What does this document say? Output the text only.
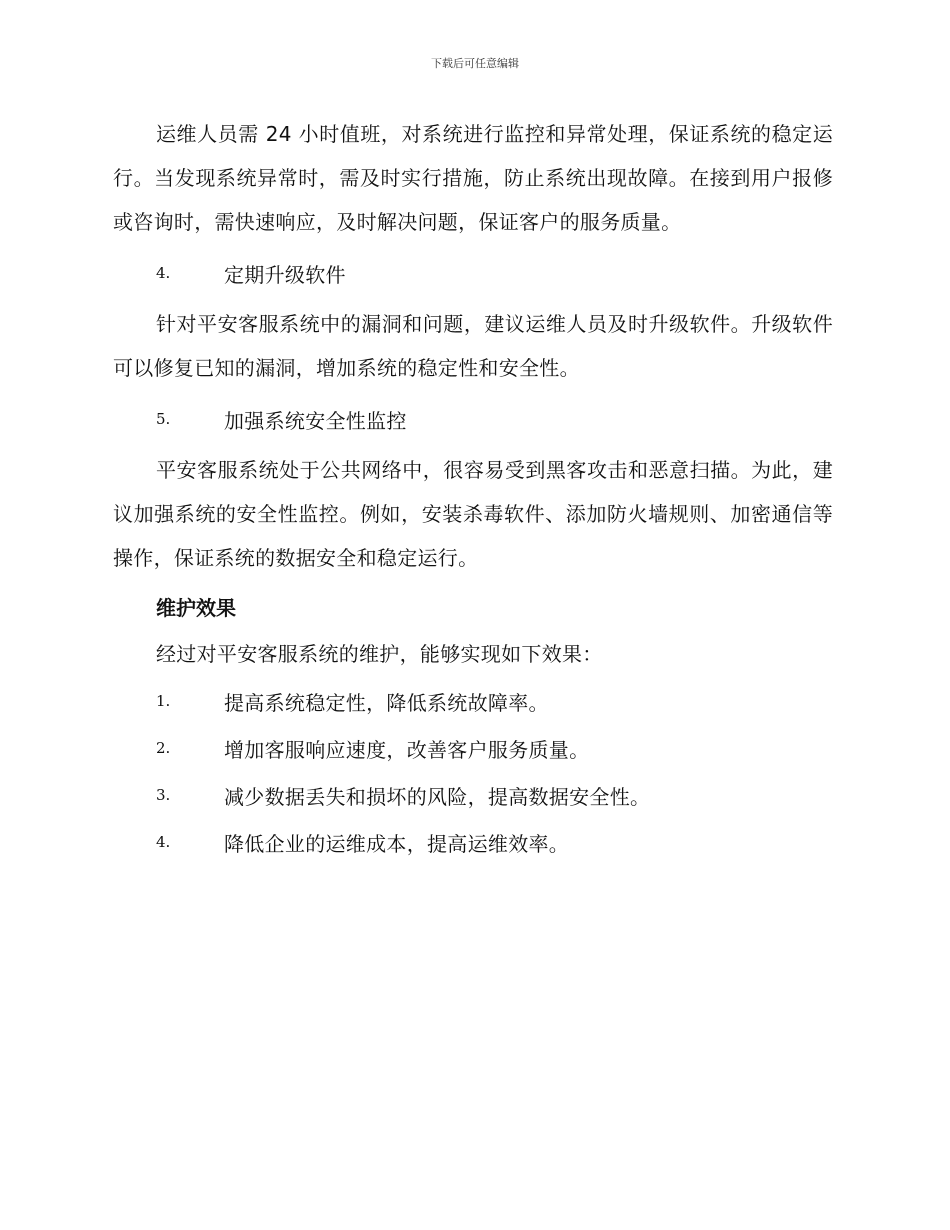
下载后可任意编辑

运维人员需 24 小时值班，对系统进行监控和异常处理，保证系统的稳定运行。当发现系统异常时，需及时实行措施，防止系统出现故障。在接到用户报修或咨询时，需快速响应，及时解决问题，保证客户的服务质量。

4.	定期升级软件

针对平安客服系统中的漏洞和问题，建议运维人员及时升级软件。升级软件可以修复已知的漏洞，增加系统的稳定性和安全性。

5.	加强系统安全性监控

平安客服系统处于公共网络中，很容易受到黑客攻击和恶意扫描。为此，建议加强系统的安全性监控。例如，安装杀毒软件、添加防火墙规则、加密通信等操作，保证系统的数据安全和稳定运行。

维护效果
经过对平安客服系统的维护，能够实现如下效果：
1.	提高系统稳定性，降低系统故障率。
2.	增加客服响应速度，改善客户服务质量。
3.	减少数据丢失和损坏的风险，提高数据安全性。
4.	降低企业的运维成本，提高运维效率。
